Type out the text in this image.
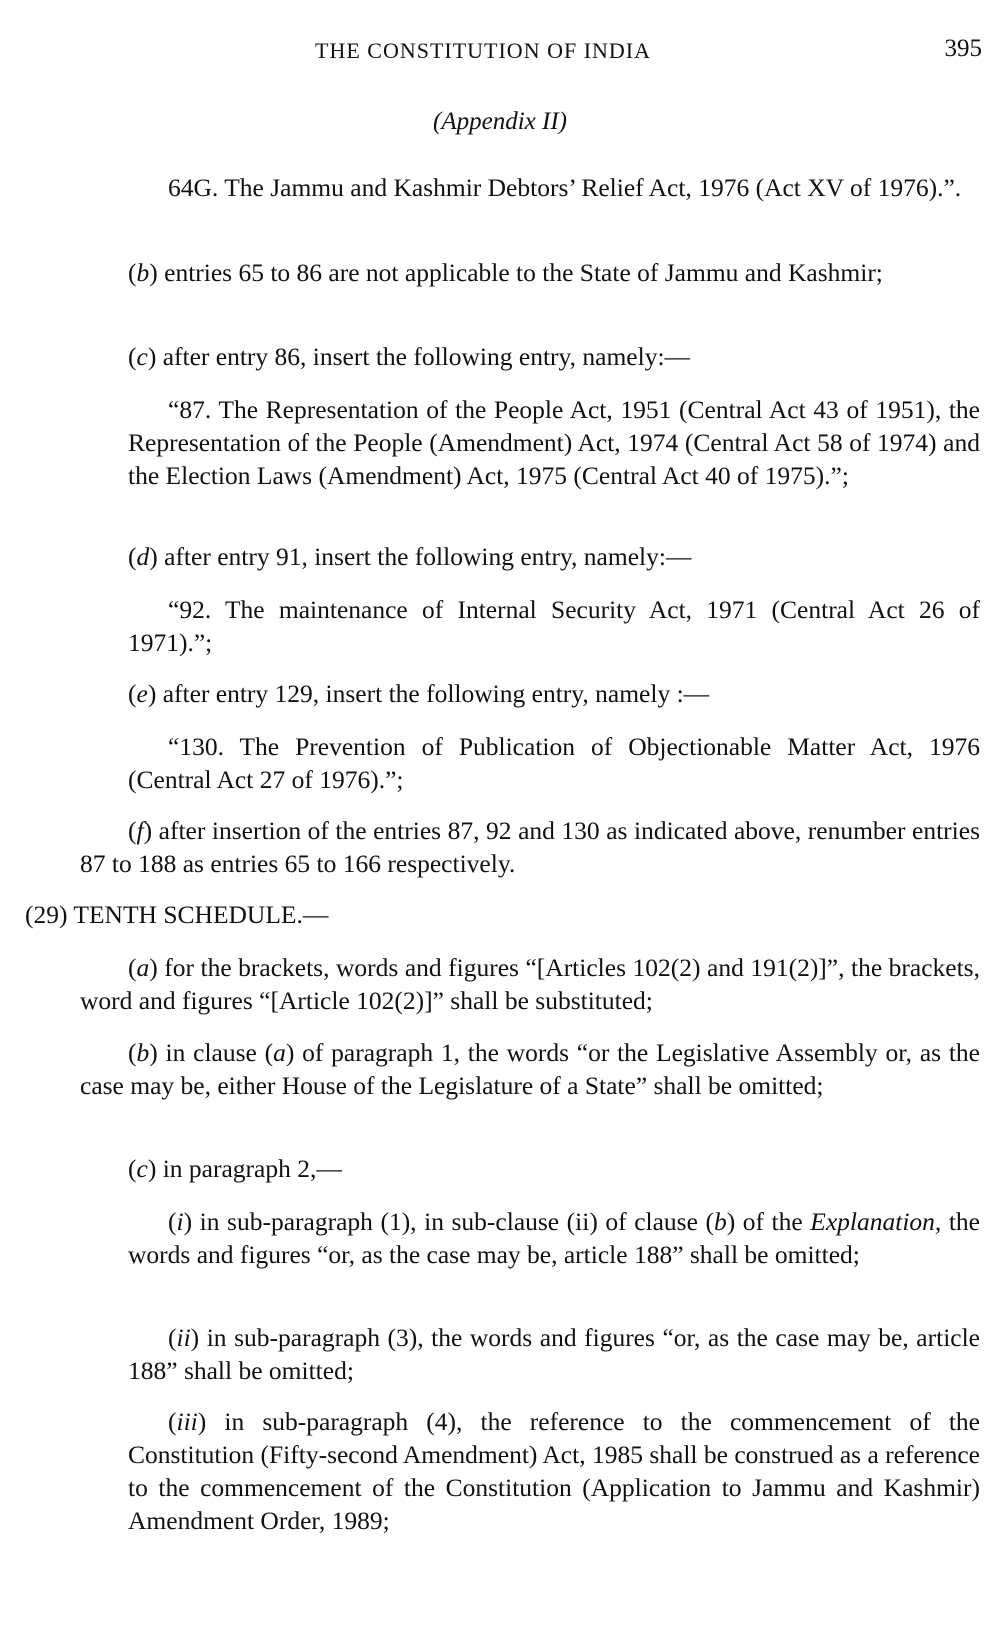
THE CONSTITUTION OF INDIA	395
(Appendix II)

64G. The Jammu and Kashmir Debtors’ Relief Act, 1976 (Act XV of 1976).”.

(b) entries 65 to 86 are not applicable to the State of Jammu and Kashmir;

(c) after entry 86, insert the following entry, namely:—

“87. The Representation of the People Act, 1951 (Central Act 43 of 1951), the Representation of the People (Amendment) Act, 1974 (Central Act 58 of 1974) and the Election Laws (Amendment) Act, 1975 (Central Act 40 of 1975).”;

(d) after entry 91, insert the following entry, namely:—

“92. The maintenance of Internal Security Act, 1971 (Central Act 26 of 1971).”;

(e) after entry 129, insert the following entry, namely :—

“130. The Prevention of Publication of Objectionable Matter Act, 1976 (Central Act 27 of 1976).”;

(f) after insertion of the entries 87, 92 and 130 as indicated above, renumber entries 87 to 188 as entries 65 to 166 respectively.

(29) TENTH SCHEDULE.—

(a) for the brackets, words and figures “[Articles 102(2) and 191(2)]”, the brackets, word and figures “[Article 102(2)]” shall be substituted;

(b) in clause (a) of paragraph 1, the words “or the Legislative Assembly or, as the case may be, either House of the Legislature of a State” shall be omitted;

(c) in paragraph 2,—

(i) in sub-paragraph (1), in sub-clause (ii) of clause (b) of the Explanation, the words and figures “or, as the case may be, article 188” shall be omitted;

(ii) in sub-paragraph (3), the words and figures “or, as the case may be, article 188” shall be omitted;

(iii) in sub-paragraph (4), the reference to the commencement of the Constitution (Fifty-second Amendment) Act, 1985 shall be construed as a reference to the commencement of the Constitution (Application to Jammu and Kashmir) Amendment Order, 1989;
